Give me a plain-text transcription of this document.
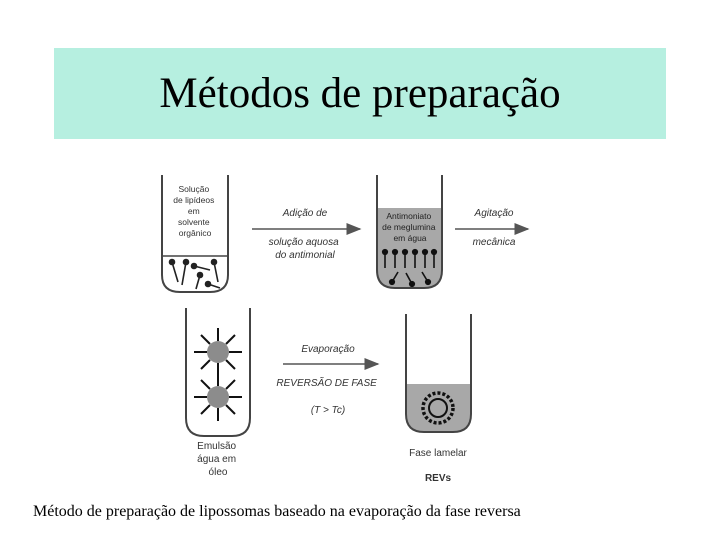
Métodos de preparação
Solução de lipídeos em solvente orgânico
Adição de
solução aquosa do antimonial
Antimoniato de meglumina em água
Agitação
mecânica
Emulsão água em óleo
Evaporação
REVERSÃO DE FASE (T > Tc)
Fase lamelar
REVs
Método de preparação de lipossomas baseado na evaporação da fase reversa
